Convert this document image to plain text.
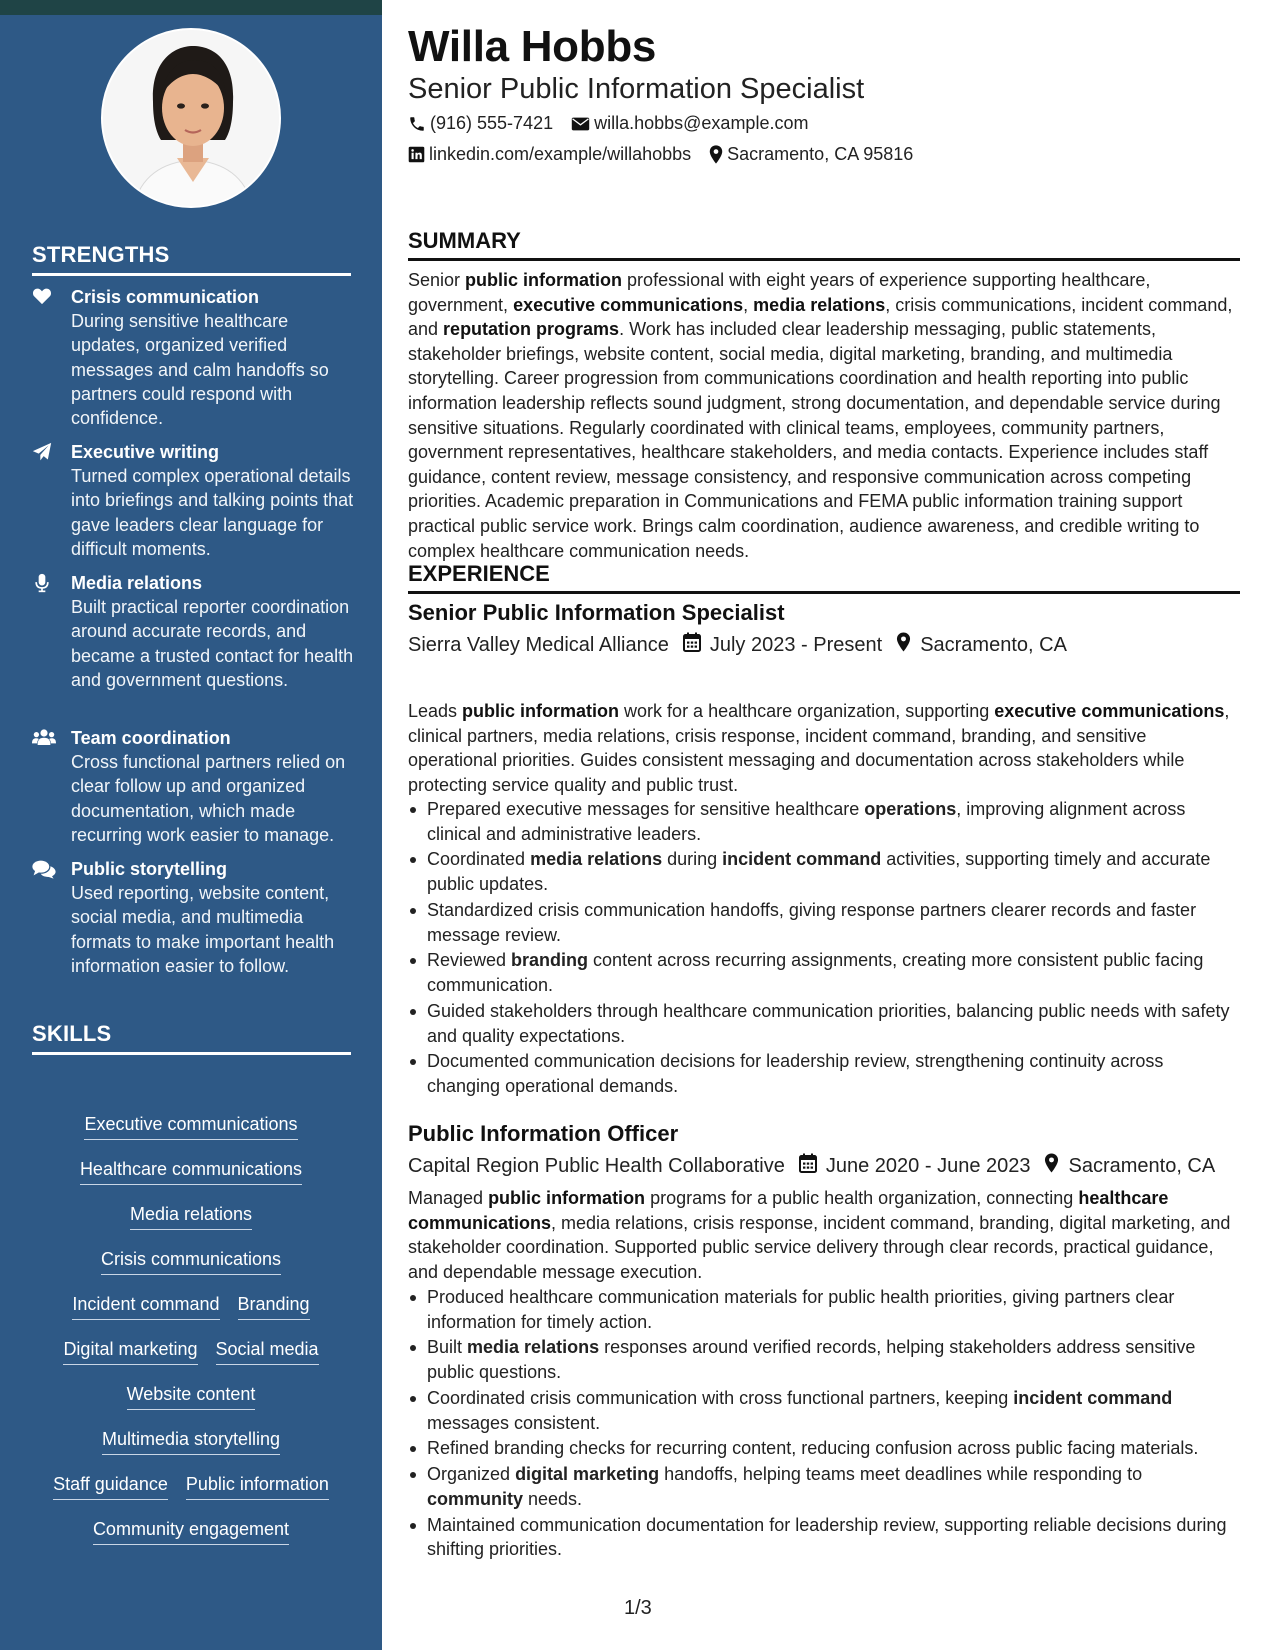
STRENGTHS
Crisis communication
During sensitive healthcare updates, organized verified messages and calm handoffs so partners could respond with confidence.
Executive writing
Turned complex operational details into briefings and talking points that gave leaders clear language for difficult moments.
Media relations
Built practical reporter coordination around accurate records, and became a trusted contact for health and government questions.
Team coordination
Cross functional partners relied on clear follow up and organized documentation, which made recurring work easier to manage.
Public storytelling
Used reporting, website content, social media, and multimedia formats to make important health information easier to follow.
SKILLS
Executive communications
Healthcare communications
Media relations
Crisis communications
Incident command Branding
Digital marketing Social media
Website content
Multimedia storytelling
Staff guidance Public information
Community engagement
Willa Hobbs
Senior Public Information Specialist
(916) 555-7421 willa.hobbs@example.com
linkedin.com/example/willahobbs Sacramento, CA 95816
SUMMARY

Senior public information professional with eight years of experience supporting healthcare, government, executive communications, media relations, crisis communications, incident command, and reputation programs. Work has included clear leadership messaging, public statements, stakeholder briefings, website content, social media, digital marketing, branding, and multimedia storytelling. Career progression from communications coordination and health reporting into public information leadership reflects sound judgment, strong documentation, and dependable service during sensitive situations. Regularly coordinated with clinical teams, employees, community partners, government representatives, healthcare stakeholders, and media contacts. Experience includes staff guidance, content review, message consistency, and responsive communication across competing priorities. Academic preparation in Communications and FEMA public information training support practical public service work. Brings calm coordination, audience awareness, and credible writing to complex healthcare communication needs.

EXPERIENCE
Senior Public Information Specialist
Sierra Valley Medical Alliance July 2023 - Present Sacramento, CA

Leads public information work for a healthcare organization, supporting executive communications, clinical partners, media relations, crisis response, incident command, branding, and sensitive operational priorities. Guides consistent messaging and documentation across stakeholders while protecting service quality and public trust.

Prepared executive messages for sensitive healthcare operations, improving alignment across clinical and administrative leaders.
Coordinated media relations during incident command activities, supporting timely and accurate public updates.
Standardized crisis communication handoffs, giving response partners clearer records and faster message review.
Reviewed branding content across recurring assignments, creating more consistent public facing communication.
Guided stakeholders through healthcare communication priorities, balancing public needs with safety and quality expectations.
Documented communication decisions for leadership review, strengthening continuity across changing operational demands.
Public Information Officer
Capital Region Public Health Collaborative June 2020 - June 2023 Sacramento, CA

Managed public information programs for a public health organization, connecting healthcare communications, media relations, crisis response, incident command, branding, digital marketing, and stakeholder coordination. Supported public service delivery through clear records, practical guidance, and dependable message execution.

Produced healthcare communication materials for public health priorities, giving partners clear information for timely action.
Built media relations responses around verified records, helping stakeholders address sensitive public questions.
Coordinated crisis communication with cross functional partners, keeping incident command messages consistent.
Refined branding checks for recurring content, reducing confusion across public facing materials.
Organized digital marketing handoffs, helping teams meet deadlines while responding to community needs.
Maintained communication documentation for leadership review, supporting reliable decisions during shifting priorities.
1/3
